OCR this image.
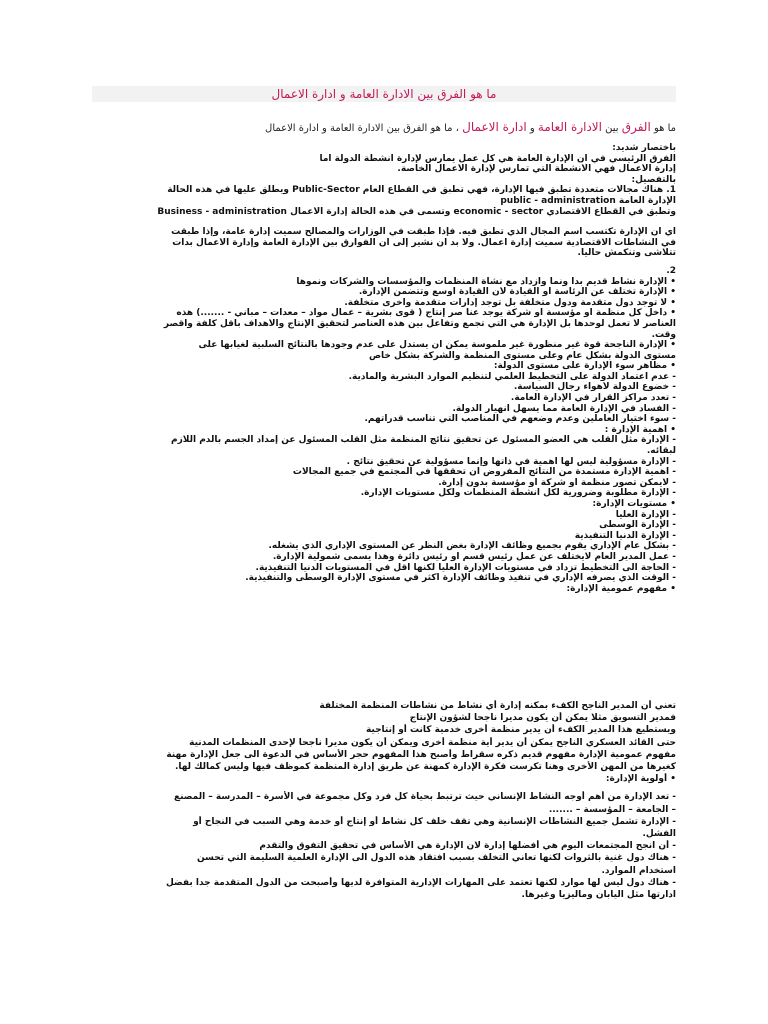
ما هو الفرق بين الادارة العامة و ادارة الاعمال
ما هو الفرق بين الادارة العامة و ادارة الاعمال ، ما هو الفرق بين الادارة العامة و ادارة الاعمال
باختصار شديد:
الفرق الرئيسي في أن الإدارة العامة هي كل عمل يمارس لإدارة أنشطة الدولة أما
إدارة الأعمال فهي الأنشطة التي تمارس لإدارة الأعمال الخاصة.
بالتفصيل:
1. هناك مجالات متعددة تطبق فيها الإدارة، فهي تطبق في القطاع العام Public-Sector ويطلق عليها في هذه الحالة
الإدارة العامة public - administration
وتطبق في القطاع الاقتصادي economic - sector وتسمى في هذه الحالة إدارة الأعمال Business - administration
أي أن الإدارة تكتسب اسم المجال الذي تطبق فيه. فإذا طبقت في الوزارات والمصالح سميت إدارة عامة، وإذا طبقت
في النشاطات الاقتصادية سميت إدارة أعمال. ولا بد أن نشير إلى أن الفوارق بين الإدارة العامة وإدارة الأعمال بدأت
تتلاشى وتنكمش حاليا.
2.
• الإدارة نشاط قديم بدأ ونما وازداد مع نشأة المنظمات والمؤسسات والشركات ونموها
• الإدارة تختلف عن الرئاسة أو القيادة لأن القيادة أوسع وتتضمن الإدارة.
• لا توجد دول متقدمة ودول متخلفة بل توجد إدارات متقدمة وأخرى متخلفة.
• داخل كل منظمة أو مؤسسة أو شركة يوجد عنا صر إنتاج ( قوى بشرية – عمال مواد – معدات – مباني - .......) هذه
العناصر لا تعمل لوحدها بل الإدارة هي التي تجمع وتفاعل بين هذه العناصر لتحقيق الإنتاج والأهداف بأقل كلفة واقصر
وقت.
• الإدارة الناجحة قوة غير منظورة غير ملموسة يمكن أن يستدل على عدم وجودها بالنتائج السلبية لغيابها على
مستوى الدولة بشكل عام وعلى مستوى المنظمة والشركة بشكل خاص
• مظاهر سوء الإدارة على مستوى الدولة:
- عدم اعتماد الدولة على التخطيط العلمي لتنظيم الموارد البشرية والمادية.
- خضوع الدولة لأهواء رجال السياسة.
- تعدد مراكز القرار في الإدارة العامة.
- الفساد في الإدارة العامة مما يسهل انهيار الدولة.
- سوء اختيار العاملين وعدم وضعهم في المناصب التي تناسب قدراتهم.
• أهمية الإدارة :
- الإدارة مثل القلب هي العضو المسئول عن تحقيق نتائج المنظمة مثل القلب المسئول عن إمداد الجسم بالدم اللازم
لبقائه.
- الإدارة مسؤولية ليس لها أهمية في ذاتها وإنما مسؤولية عن تحقيق نتائج .
- أهمية الإدارة مستمدة من النتائج المفروض أن تحققها في المجتمع في جميع المجالات
- لايمكن تصور منظمة أو شركة أو مؤسسة بدون إدارة.
- الإدارة مطلوبة وضرورية لكل أنشطة المنظمات ولكل مستويات الإدارة.
• مستويات الإدارة:
- الإدارة العليا
- الإدارة الوسطى
- الإدارة الدنيا التنفيذية
- بشكل عام الإداري يقوم بجميع وظائف الإدارة بغض النظر عن المستوى الإداري الذي يشغله.
- عمل المدير العام لايختلف عن عمل رئيس قسم أو رئيس دائرة وهذا يسمى شمولية الإدارة.
- الحاجة الى التخطيط تزداد في مستويات الإدارة العليا لكنها اقل في المستويات الدنيا التنفيذية.
- الوقت الذي يصرفه الإداري في تنفيذ وظائف الإدارة أكثر في مستوى الإدارة الوسطى والتنفيذية.
• مفهوم عمومية الإدارة:
تعني أن المدير الناجح الكفء بمكنه إدارة أي نشاط من نشاطات المنظمة المختلفة
فمدير التسويق مثلا يمكن أن يكون مديرا ناجحا لشؤون الإنتاج
ويستطيع هذا المدير الكفء أن يدير منظمة أخرى خدمية كانت أو إنتاجية
حتى القائد العسكري الناجح يمكن أن يدير أية منظمة أخرى ويمكن أن يكون مديرا ناجحا لإحدى المنظمات المدنية
مفهوم عمومية الإدارة مفهوم قديم ذكره سقراط وأصبح هذا المفهوم حجر الأساس في الدعوة الى جعل الإدارة مهنة
كغيرها من المهن الأخرى وهنا تكرست فكرة الإدارة كمهنة عن طريق إدارة المنظمة كموظف فيها وليس كمالك لها.
• أولوية الإدارة:
- تعد الإدارة من أهم أوجه النشاط الإنساني حيث ترتبط بحياة كل فرد وكل مجموعة في الأسرة – المدرسة – المصنع
– الجامعة – المؤسسة – .......
- الإدارة تشمل جميع النشاطات الإنسانية وهي تقف خلف كل نشاط أو إنتاج أو خدمة وهي السبب في النجاح أو
الفشل.
- أن انجح المجتمعات اليوم هي أفضلها إدارة لان الإدارة هي الأساس في تحقيق التفوق والتقدم
- هناك دول غنية بالثروات لكنها تعاني التخلف بسبب افتقاد هذه الدول الى الإدارة العلمية السليمة التي تحسن
استخدام الموارد.
- هناك دول ليس لها موارد لكنها تعتمد على المهارات الإدارية المتوافرة لديها وأصبحت من الدول المتقدمة جدا بفضل
ادارتها مثل اليابان وماليزيا وغيرها.
